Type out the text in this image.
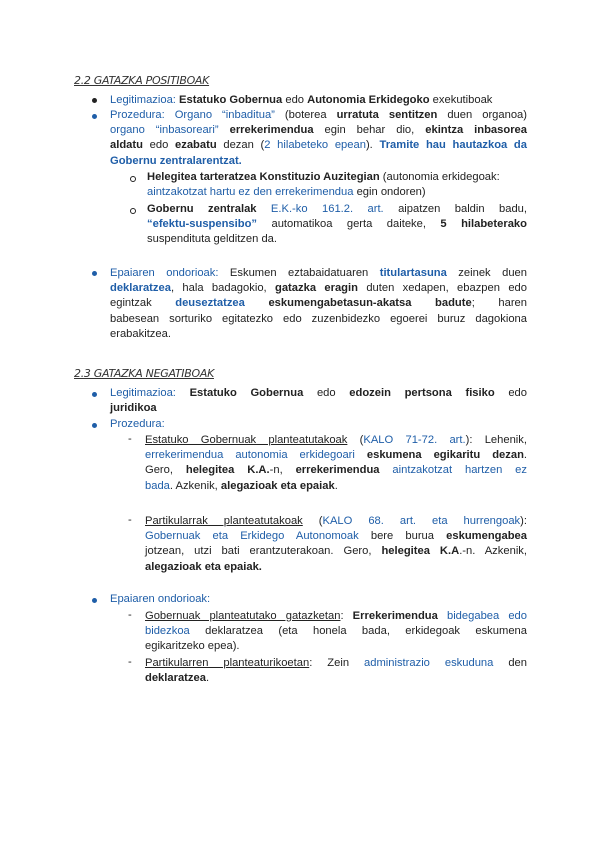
2.2 GATAZKA POSITIBOAK

Legitimazioa: Estatuko Gobernua edo Autonomia Erkidegoko exekutiboak

Prozedura: Organo “inbaditua” (boterea urratuta sentitzen duen organoa)

organo “inbasoreari” errekerimendua egin behar dio, ekintza inbasorea

aldatu edo ezabatu dezan (2 hilabeteko epean). Tramite hau hautazkoa da

Gobernu zentralarentzat.

Helegitea tarteratzea Konstituzio Auzitegian (autonomia erkidegoak:

aintzakotzat hartu ez den errekerimendua egin ondoren)

Gobernu zentralak E.K.-ko 161.2. art. aipatzen baldin badu,

“efektu-suspensibo” automatikoa gerta daiteke, 5 hilabeterako

suspendituta gelditzen da.

Epaiaren ondorioak: Eskumen eztabaidatuaren titulartasuna zeinek duen

deklaratzea, hala badagokio, gatazka eragin duten xedapen, ebazpen edo

egintzak deuseztatzea eskumengabetasun-akatsa badute; haren

babesean sorturiko egitatezko edo zuzenbidezko egoerei buruz dagokiona

erabakitzea.

2.3 GATAZKA NEGATIBOAK

Legitimazioa: Estatuko Gobernua edo edozein pertsona fisiko edo

juridikoa

Prozedura:

- Estatuko Gobernuak planteatutakoak (KALO 71-72. art.): Lehenik,

errekerimendua autonomia erkidegoari eskumena egikaritu dezan.

Gero, helegitea K.A.-n, errekerimendua aintzakotzat hartzen ez

bada. Azkenik, alegazioak eta epaiak.

- Partikularrak planteatutakoak (KALO 68. art. eta hurrengoak):

Gobernuak eta Erkidego Autonomoak bere burua eskumengabea

jotzean, utzi bati erantzuterakoan. Gero, helegitea K.A.-n. Azkenik,

alegazioak eta epaiak.

Epaiaren ondorioak:

- Gobernuak planteatutako gatazketan: Errekerimendua bidegabea edo

bidezkoa deklaratzea (eta honela bada, erkidegoak eskumena

egikaritzeko epea).

- Partikularren planteaturikoetan: Zein administrazio eskuduna den

deklaratzea.
